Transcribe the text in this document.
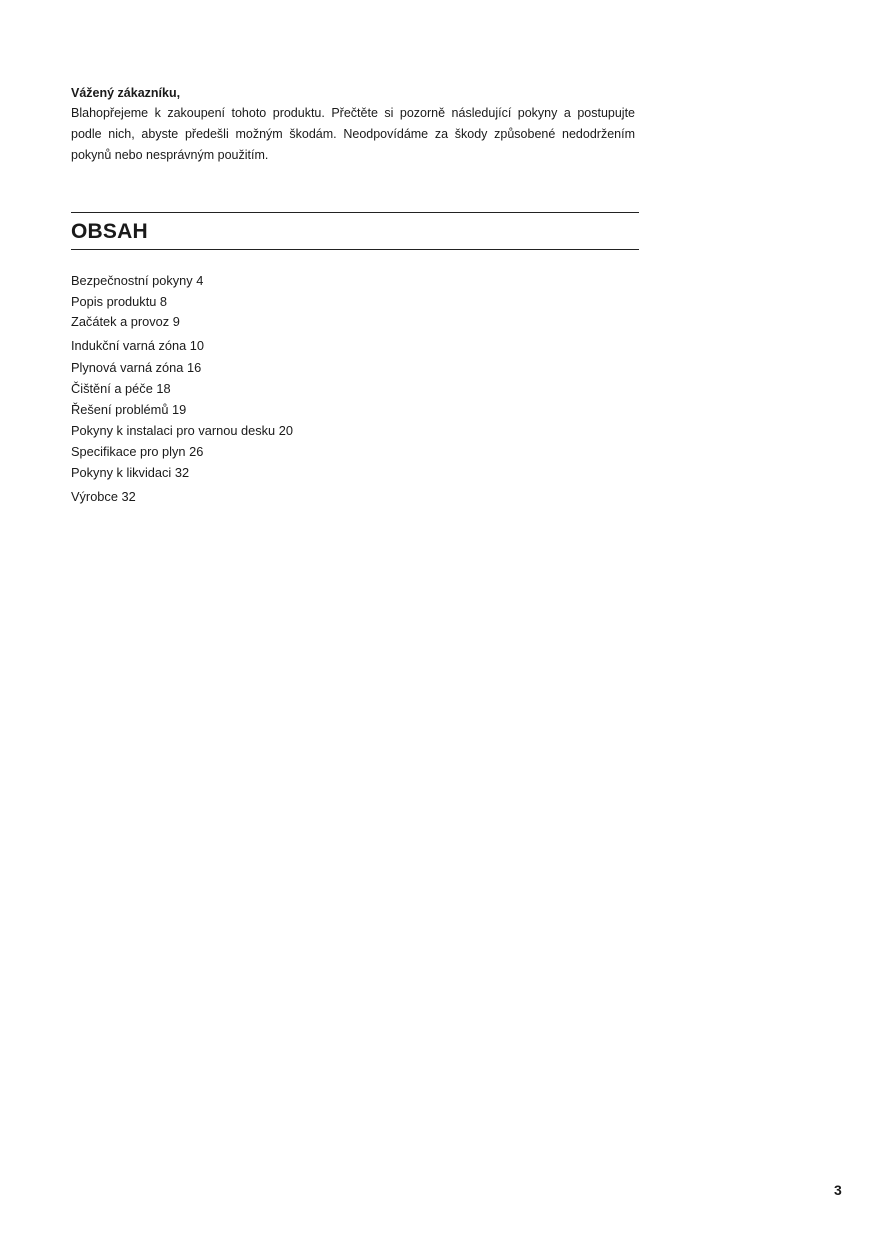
Vážený zákazníku,

Blahopřejeme k zakoupení tohoto produktu. Přečtěte si pozorně následující pokyny a postupujte podle nich, abyste předešli možným škodám. Neodpovídáme za škody způsobené nedodržením pokynů nebo nesprávným použitím.

OBSAH
Bezpečnostní pokyny 4
Popis produktu 8
Začátek a provoz 9
Indukční varná zóna 10
Plynová varná zóna 16
Čištění a péče 18
Řešení problémů 19
Pokyny k instalaci pro varnou desku 20
Specifikace pro plyn 26
Pokyny k likvidaci 32
Výrobce 32
3
